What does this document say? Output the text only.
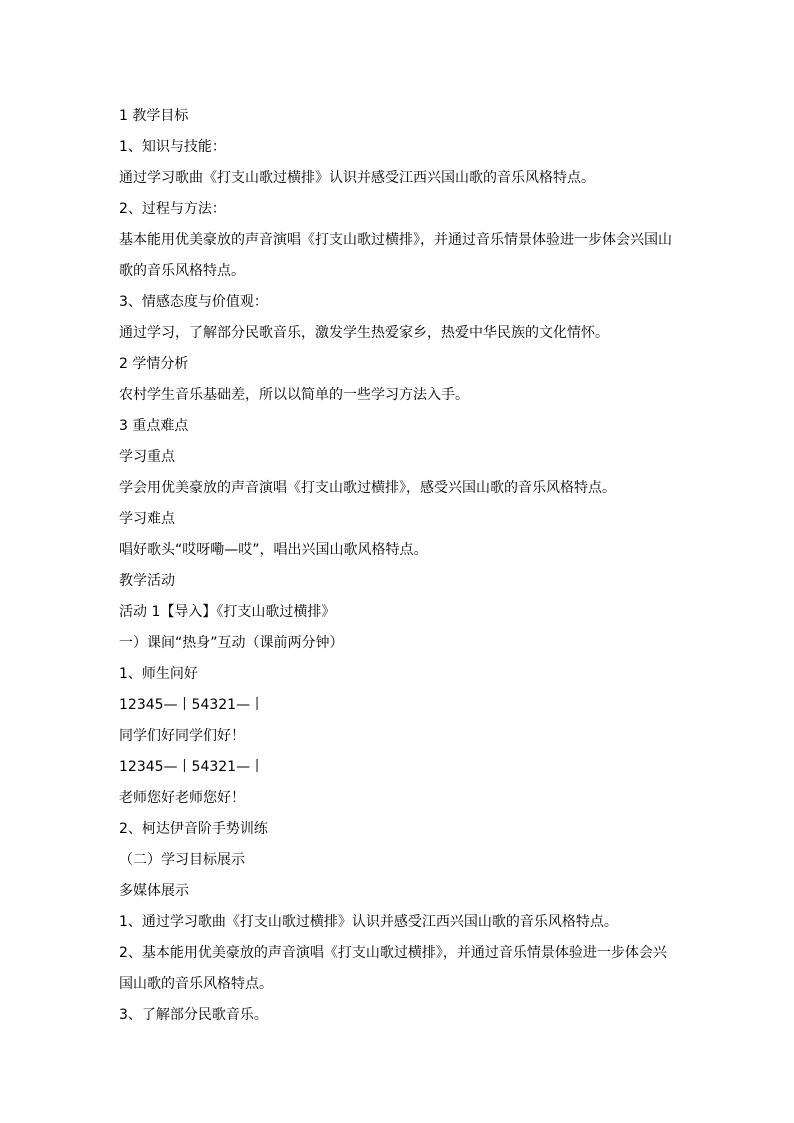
1 教学目标
1、知识与技能：
通过学习歌曲《打支山歌过横排》认识并感受江西兴国山歌的音乐风格特点。
2、过程与方法：
基本能用优美豪放的声音演唱《打支山歌过横排》，并通过音乐情景体验进一步体会兴国山
歌的音乐风格特点。
3、情感态度与价值观：
通过学习，了解部分民歌音乐，激发学生热爱家乡，热爱中华民族的文化情怀。
2 学情分析
农村学生音乐基础差，所以以简单的一些学习方法入手。
3 重点难点
学习重点
学会用优美豪放的声音演唱《打支山歌过横排》，感受兴国山歌的音乐风格特点。
学习难点
唱好歌头“哎呀嘞—哎”，唱出兴国山歌风格特点。
教学活动
活动 1【导入】《打支山歌过横排》
一）课间“热身”互动（课前两分钟）
1、师生问好
12345—丨54321—丨
同学们好同学们好！
12345—丨54321—丨
老师您好老师您好！
2、柯达伊音阶手势训练
（二）学习目标展示
多媒体展示
1、通过学习歌曲《打支山歌过横排》认识并感受江西兴国山歌的音乐风格特点。
2、基本能用优美豪放的声音演唱《打支山歌过横排》，并通过音乐情景体验进一步体会兴
国山歌的音乐风格特点。
3、了解部分民歌音乐。
